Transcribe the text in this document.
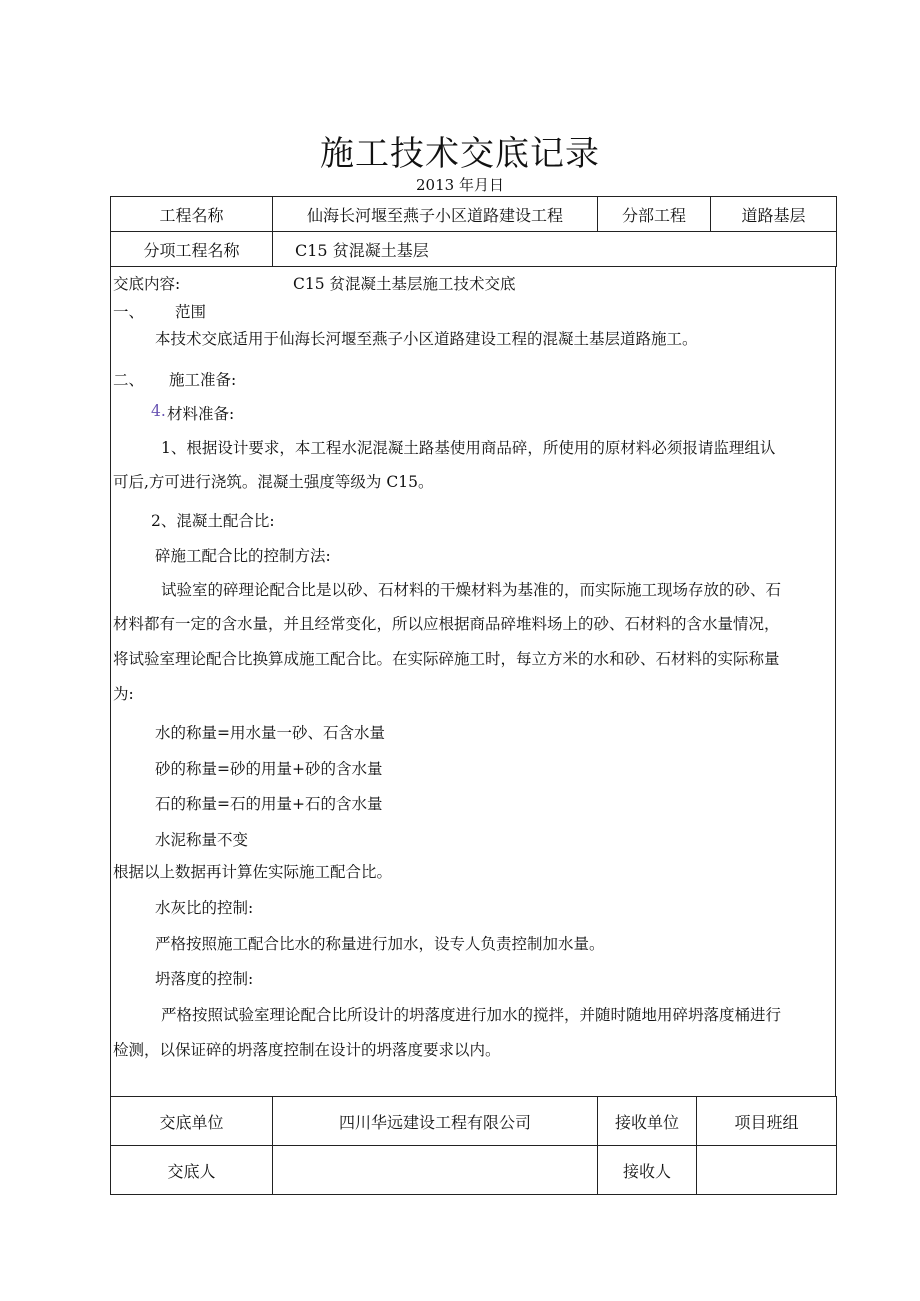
施工技术交底记录
2013 年月日
工程名称	仙海长河堰至燕子小区道路建设工程	分部工程	道路基层
分项工程名称	C15 贫混凝土基层		
交底内容:	C15 贫混凝土基层施工技术交底
一、 范围
本技术交底适用于仙海长河堰至燕子小区道路建设工程的混凝土基层道路施工。
二、 施工准备:
4. 材料准备:
1、根据设计要求，本工程水泥混凝土路基使用商品碎，所使用的原材料必须报请监理组认
可后,方可进行浇筑。混凝土强度等级为 C15。
2、混凝土配合比:
碎施工配合比的控制方法:
试验室的碎理论配合比是以砂、石材料的干燥材料为基准的，而实际施工现场存放的砂、石
材料都有一定的含水量，并且经常变化，所以应根据商品碎堆料场上的砂、石材料的含水量情况，
将试验室理论配合比换算成施工配合比。在实际碎施工时，每立方米的水和砂、石材料的实际称量
为:
水的称量=用水量一砂、石含水量
砂的称量=砂的用量+砂的含水量
石的称量=石的用量+石的含水量
水泥称量不变
根据以上数据再计算佐实际施工配合比。
水灰比的控制:
严格按照施工配合比水的称量进行加水，设专人负责控制加水量。
坍落度的控制:
严格按照试验室理论配合比所设计的坍落度进行加水的搅拌，并随时随地用碎坍落度桶进行
检测，以保证碎的坍落度控制在设计的坍落度要求以内。
交底单位	四川华远建设工程有限公司	接收单位	项目班组
交底人		接收人	
